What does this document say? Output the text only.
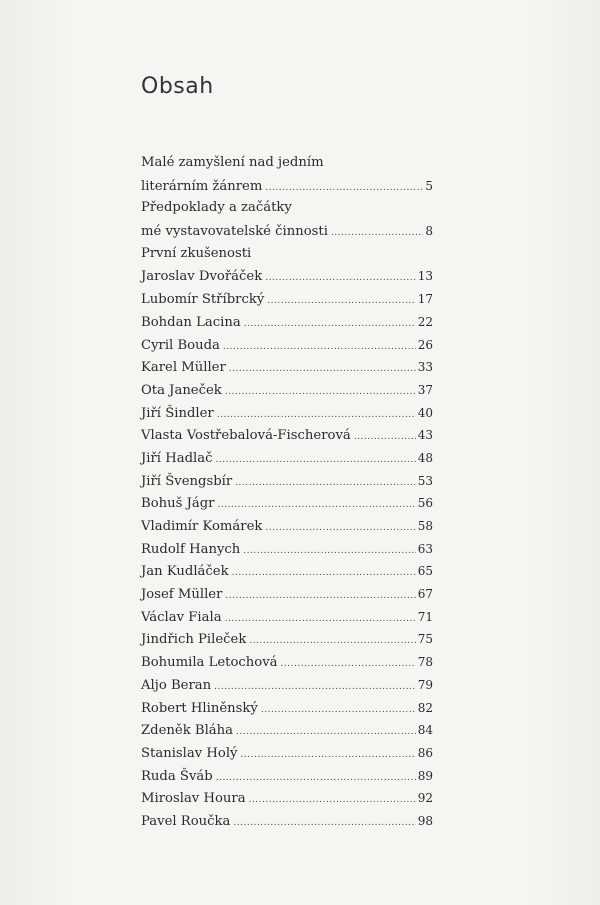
Obsah
Malé zamyšlení nad jedním
literárním žánrem .....	5
Předpoklady a začátky
mé vystavovatelské činnosti .....	8
První zkušenosti
Jaroslav Dvořáček .....	13
Lubomír Stříbrcký .....	17
Bohdan Lacina .....	22
Cyril Bouda .....	26
Karel Müller .....	33
Ota Janeček .....	37
Jiří Šindler .....	40
Vlasta Vostřebalová-Fischerová .....	43
Jiří Hadlač .....	48
Jiří Švengsbír .....	53
Bohuš Jágr .....	56
Vladimír Komárek .....	58
Rudolf Hanych .....	63
Jan Kudláček .....	65
Josef Müller .....	67
Václav Fiala .....	71
Jindřich Pileček .....	75
Bohumila Letochová .....	78
Aljo Beran .....	79
Robert Hliněnský .....	82
Zdeněk Bláha .....	84
Stanislav Holý .....	86
Ruda Šváb .....	89
Miroslav Houra .....	92
Pavel Roučka .....	98
